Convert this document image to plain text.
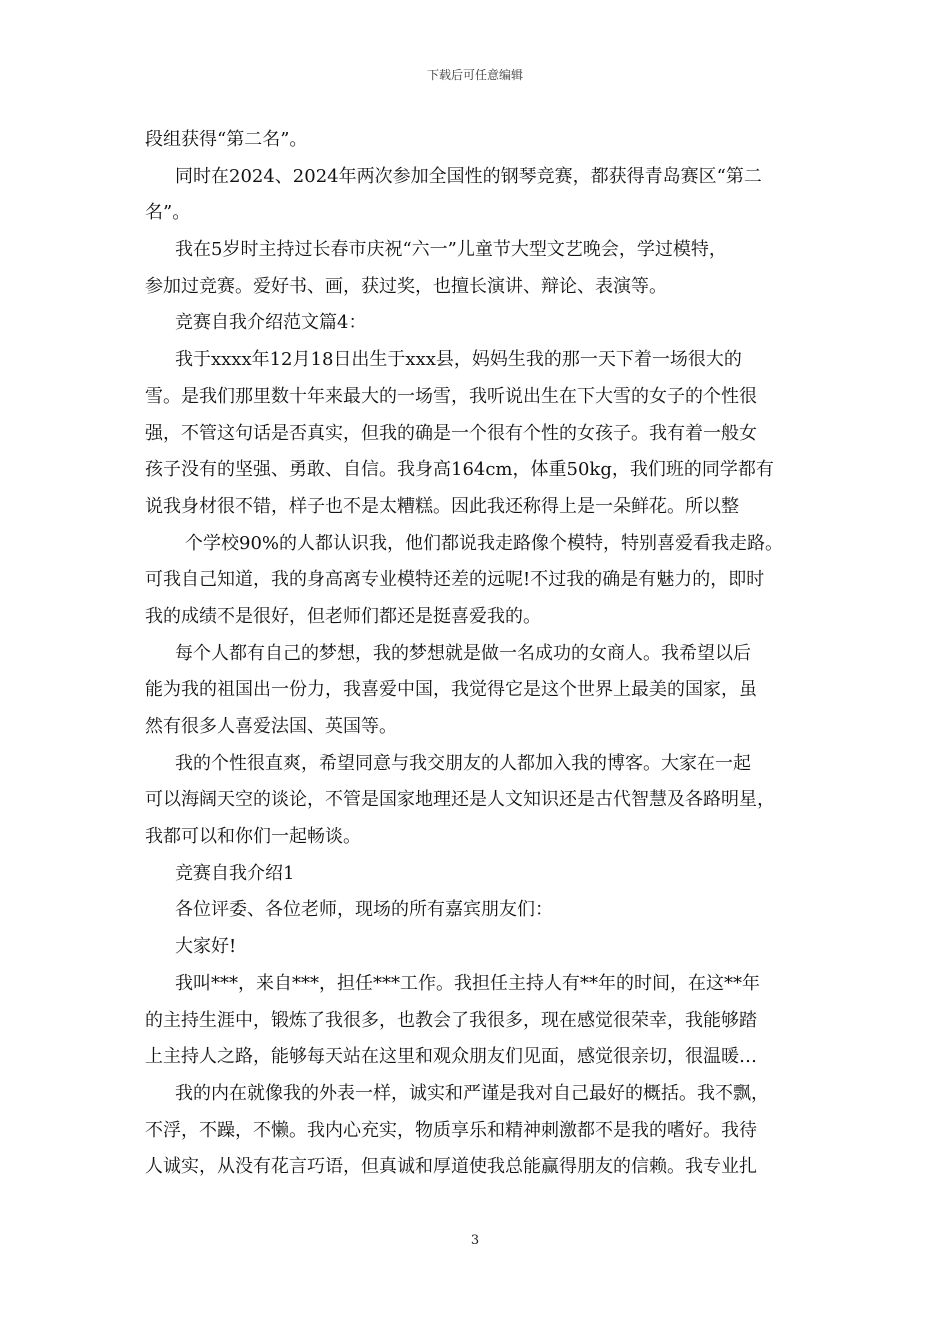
下载后可任意编辑
段组获得“第二名”。
同时在2024、2024年两次参加全国性的钢琴竞赛，都获得青岛赛区“第二
名”。
我在5岁时主持过长春市庆祝“六一”儿童节大型文艺晚会，学过模特，
参加过竞赛。爱好书、画，获过奖，也擅长演讲、辩论、表演等。
竞赛自我介绍范文篇4：
我于xxxx年12月18日出生于xxx县，妈妈生我的那一天下着一场很大的
雪。是我们那里数十年来最大的一场雪，我听说出生在下大雪的女子的个性很
强，不管这句话是否真实，但我的确是一个很有个性的女孩子。我有着一般女
孩子没有的坚强、勇敢、自信。我身高164cm，体重50kg，我们班的同学都有
说我身材很不错，样子也不是太糟糕。因此我还称得上是一朵鲜花。所以整
个学校90%的人都认识我，他们都说我走路像个模特，特别喜爱看我走路。
可我自己知道，我的身高离专业模特还差的远呢!不过我的确是有魅力的，即时
我的成绩不是很好，但老师们都还是挺喜爱我的。
每个人都有自己的梦想，我的梦想就是做一名成功的女商人。我希望以后
能为我的祖国出一份力，我喜爱中国，我觉得它是这个世界上最美的国家，虽
然有很多人喜爱法国、英国等。
我的个性很直爽，希望同意与我交朋友的人都加入我的博客。大家在一起
可以海阔天空的谈论，不管是国家地理还是人文知识还是古代智慧及各路明星，
我都可以和你们一起畅谈。
竞赛自我介绍1
各位评委、各位老师，现场的所有嘉宾朋友们：
大家好!
我叫***，来自***，担任***工作。我担任主持人有**年的时间，在这**年
的主持生涯中，锻炼了我很多，也教会了我很多，现在感觉很荣幸，我能够踏
上主持人之路，能够每天站在这里和观众朋友们见面，感觉很亲切，很温暖…
我的内在就像我的外表一样，诚实和严谨是我对自己最好的概括。我不飘，
不浮，不躁，不懒。我内心充实，物质享乐和精神刺激都不是我的嗜好。我待
人诚实，从没有花言巧语，但真诚和厚道使我总能赢得朋友的信赖。我专业扎
3
